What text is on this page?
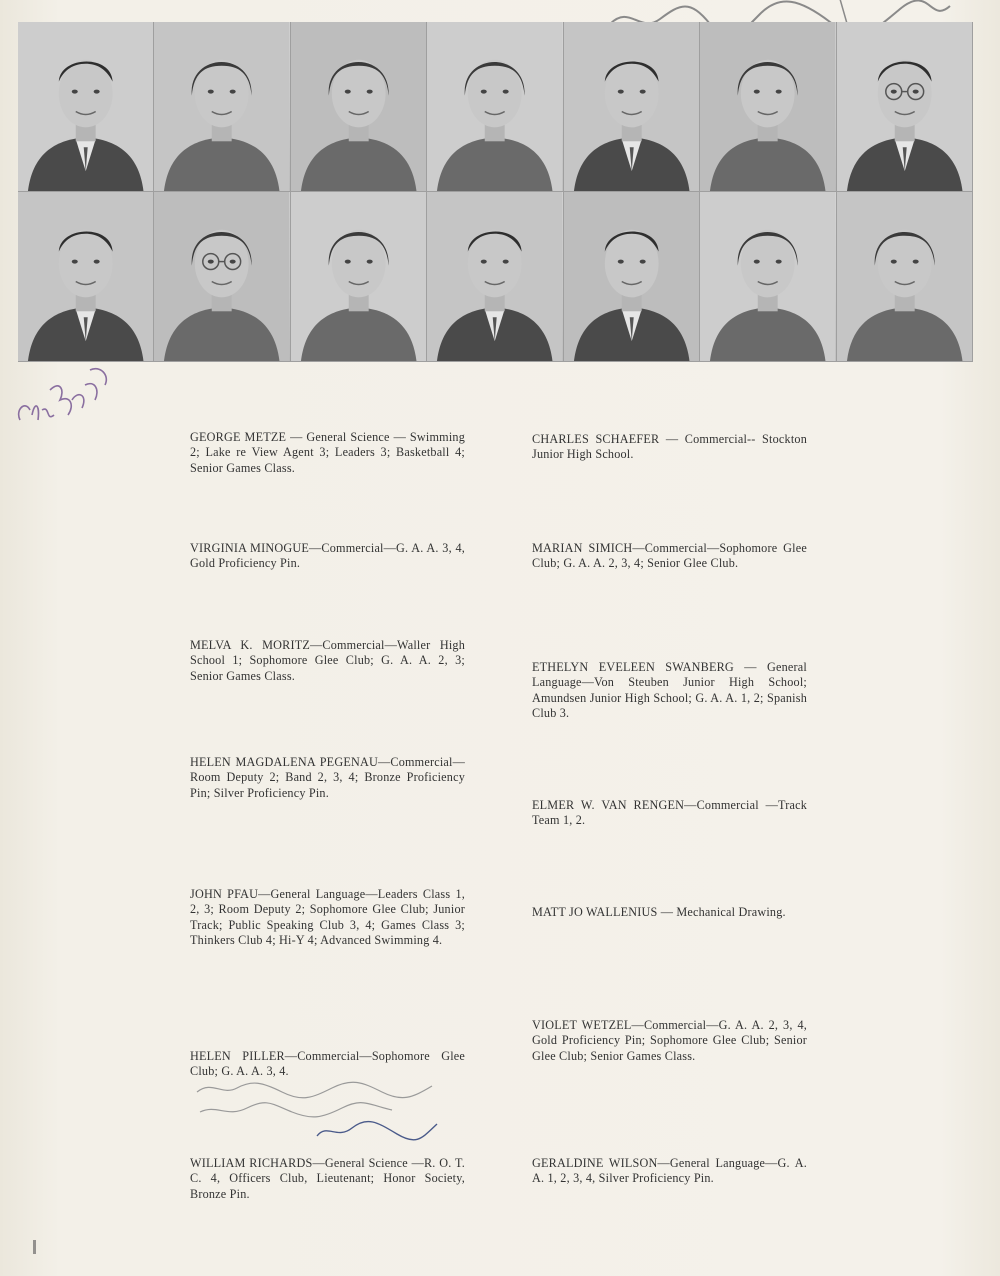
GEORGE METZE — General Science — Swimming 2; Lake re View Agent 3; Leaders 3; Basketball 4; Senior Games Class.
VIRGINIA MINOGUE—Commercial—G. A. A. 3, 4, Gold Proficiency Pin.
MELVA K. MORITZ—Commercial—Waller High School 1; Sophomore Glee Club; G. A. A. 2, 3; Senior Games Class.
HELEN MAGDALENA PEGENAU—Commercial—Room Deputy 2; Band 2, 3, 4; Bronze Proficiency Pin; Silver Proficiency Pin.
JOHN PFAU—General Language—Leaders Class 1, 2, 3; Room Deputy 2; Sophomore Glee Club; Junior Track; Public Speaking Club 3, 4; Games Class 3; Thinkers Club 4; Hi-Y 4; Advanced Swimming 4.
HELEN PILLER—Commercial—Sophomore Glee Club; G. A. A. 3, 4.
WILLIAM RICHARDS—General Science —R. O. T. C. 4, Officers Club, Lieutenant; Honor Society, Bronze Pin.
CHARLES SCHAEFER — Commercial-- Stockton Junior High School.
MARIAN SIMICH—Commercial—Sophomore Glee Club; G. A. A. 2, 3, 4; Senior Glee Club.
ETHELYN EVELEEN SWANBERG — General Language—Von Steuben Junior High School; Amundsen Junior High School; G. A. A. 1, 2; Spanish Club 3.
ELMER W. VAN RENGEN—Commercial —Track Team 1, 2.
MATT JO WALLENIUS — Mechanical Drawing.
VIOLET WETZEL—Commercial—G. A. A. 2, 3, 4, Gold Proficiency Pin; Sophomore Glee Club; Senior Glee Club; Senior Games Class.
GERALDINE WILSON—General Language—G. A. A. 1, 2, 3, 4, Silver Proficiency Pin.
